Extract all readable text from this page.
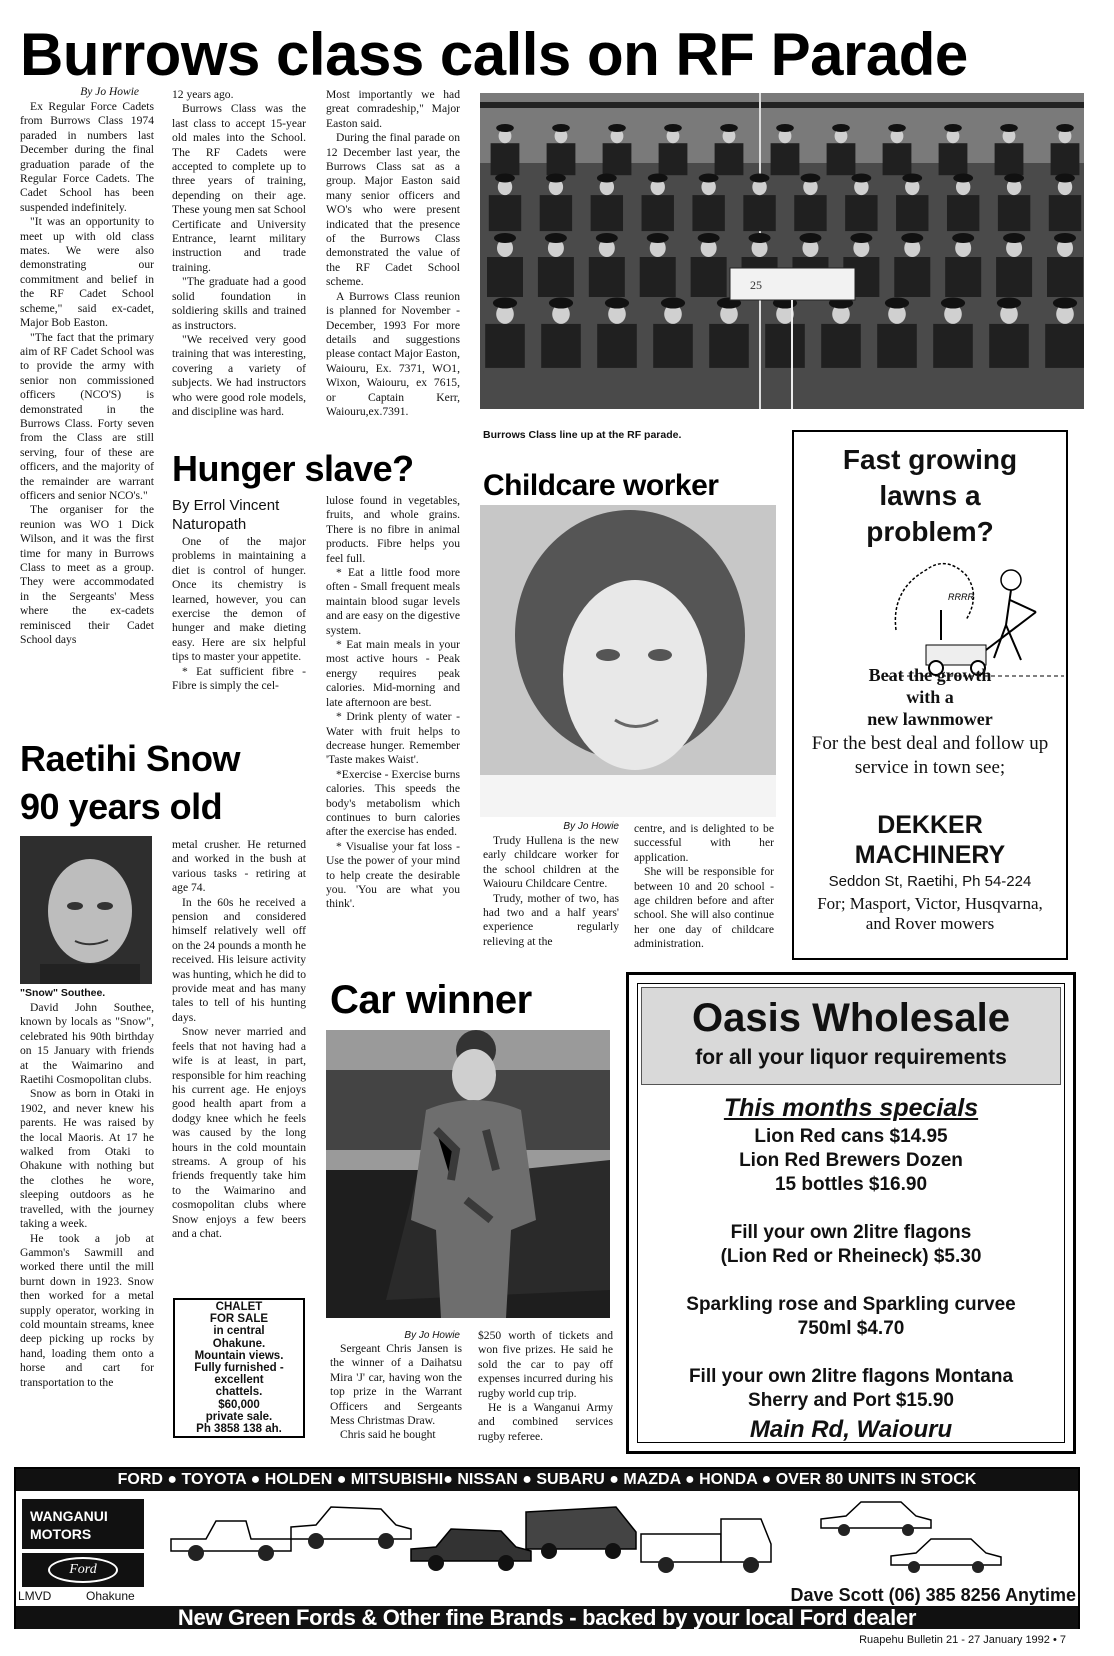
Burrows class calls on RF Parade
By Jo Howie

Ex Regular Force Cadets from Burrows Class 1974 paraded in numbers last December during the final graduation parade of the Regular Force Cadets. The Cadet School has been suspended indefinitely.

"It was an opportunity to meet up with old class mates. We were also demonstrating our commitment and belief in the RF Cadet School scheme," said ex-cadet, Major Bob Easton.

"The fact that the primary aim of RF Cadet School was to provide the army with senior non commissioned officers (NCO'S) is demonstrated in the Burrows Class. Forty seven from the Class are still serving, four of these are officers, and the majority of the remainder are warrant officers and senior NCO's."

The organiser for the reunion was WO 1 Dick Wilson, and it was the first time for many in Burrows Class to meet as a group. They were accommodated in the Sergeants' Mess where the ex-cadets reminisced their Cadet School days

12 years ago.

Burrows Class was the last class to accept 15-year old males into the School. The RF Cadets were accepted to complete up to three years of training, depending on their age. These young men sat School Certificate and University Entrance, learnt military instruction and trade training.

"The graduate had a good solid foundation in soldiering skills and trained as instructors.

"We received very good training that was interesting, covering a variety of subjects. We had instructors who were good role models, and discipline was hard.

Most importantly we had great comradeship," Major Easton said.

During the final parade on 12 December last year, the Burrows Class sat as a group. Major Easton said many senior officers and WO's who were present indicated that the presence of the Burrows Class demonstrated the value of the RF Cadet School scheme.

A Burrows Class reunion is planned for November - December, 1993 For more details and suggestions please contact Major Easton, Waiouru, Ex. 7371, WO1, Wixon, Waiouru, ex 7615, or Captain Kerr, Waiouru,ex.7391.

25
Burrows Class line up at the RF parade.
Hunger slave?
By Errol Vincent
Naturopath

One of the major problems in maintaining a diet is control of hunger. Once its chemistry is learned, however, you can exercise the demon of hunger and make dieting easy. Here are six helpful tips to master your appetite.

* Eat sufficient fibre - Fibre is simply the cel-

lulose found in vegetables, fruits, and whole grains. There is no fibre in animal products. Fibre helps you feel full.

* Eat a little food more often - Small frequent meals maintain blood sugar levels and are easy on the digestive system.

* Eat main meals in your most active hours - Peak energy requires peak calories. Mid-morning and late afternoon are best.

* Drink plenty of water - Water with fruit helps to decrease hunger. Remember 'Taste makes Waist'.

*Exercise - Exercise burns calories. This speeds the body's metabolism which continues to burn calories after the exercise has ended.

* Visualise your fat loss - Use the power of your mind to help create the desirable you. 'You are what you think'.

Childcare worker
By Jo Howie

Trudy Hullena is the new early childcare worker for the school children at the Waiouru Childcare Centre.

Trudy, mother of two, has had two and a half years' experience regularly relieving at the

centre, and is delighted to be successful with her application.

She will be responsible for between 10 and 20 school - age children before and after school. She will also continue her one day of childcare administration.

Fast growing
lawns a
problem?
RRRR
Beat the growth
with a
new lawnmower
For the best deal and follow up service in town see;
DEKKER
MACHINERY
Seddon St, Raetihi, Ph 54-224
For; Masport, Victor, Husqvarna, and Rover mowers
Raetihi Snow
90 years old
"Snow" Southee.

David John Southee, known by locals as "Snow", celebrated his 90th birthday on 15 January with friends at the Waimarino and Raetihi Cosmopolitan clubs.

Snow as born in Otaki in 1902, and never knew his parents. He was raised by the local Maoris. At 17 he walked from Otaki to Ohakune with nothing but the clothes he wore, sleeping outdoors as he travelled, with the journey taking a week.

He took a job at Gammon's Sawmill and worked there until the mill burnt down in 1923. Snow then worked for a metal supply operator, working in cold mountain streams, knee deep picking up rocks by hand, loading them onto a horse and cart for transportation to the

metal crusher. He returned and worked in the bush at various tasks - retiring at age 74.

In the 60s he received a pension and considered himself relatively well off on the 24 pounds a month he received. His leisure activity was hunting, which he did to provide meat and has many tales to tell of his hunting days.

Snow never married and feels that not having had a wife is at least, in part, responsible for him reaching his current age. He enjoys good health apart from a dodgy knee which he feels was caused by the long hours in the cold mountain streams. A group of his friends frequently take him to the Waimarino and cosmopolitan clubs where Snow enjoys a few beers and a chat.

CHALET
FOR SALE
in central
Ohakune.
Mountain views.
Fully furnished -
excellent
chattels.
$60,000
private sale.
Ph 3858 138 ah.
Car winner
By Jo Howie

Sergeant Chris Jansen is the winner of a Daihatsu Mira 'J' car, having won the top prize in the Warrant Officers and Sergeants Mess Christmas Draw.

Chris said he bought

$250 worth of tickets and won five prizes. He said he sold the car to pay off expenses incurred during his rugby world cup trip.

He is a Wanganui Army and combined services rugby referee.

Oasis Wholesale
for all your liquor requirements
This months specials
Lion Red cans $14.95
Lion Red Brewers Dozen
15 bottles $16.90
Fill your own 2litre flagons
(Lion Red or Rheineck) $5.30
Sparkling rose and Sparkling curvee
750ml $4.70
Fill your own 2litre flagons Montana
Sherry and Port $15.90
Main Rd, Waiouru
FORD ● TOYOTA ● HOLDEN ● MITSUBISHI● NISSAN ● SUBARU ● MAZDA ● HONDA ● OVER 80 UNITS IN STOCK
WANGANUI
MOTORS
Ford
LMVD	Ohakune	Dave Scott (06) 385 8256 Anytime
New Green Fords & Other fine Brands - backed by your local Ford dealer
Ruapehu Bulletin 21 - 27 January 1992 • 7
